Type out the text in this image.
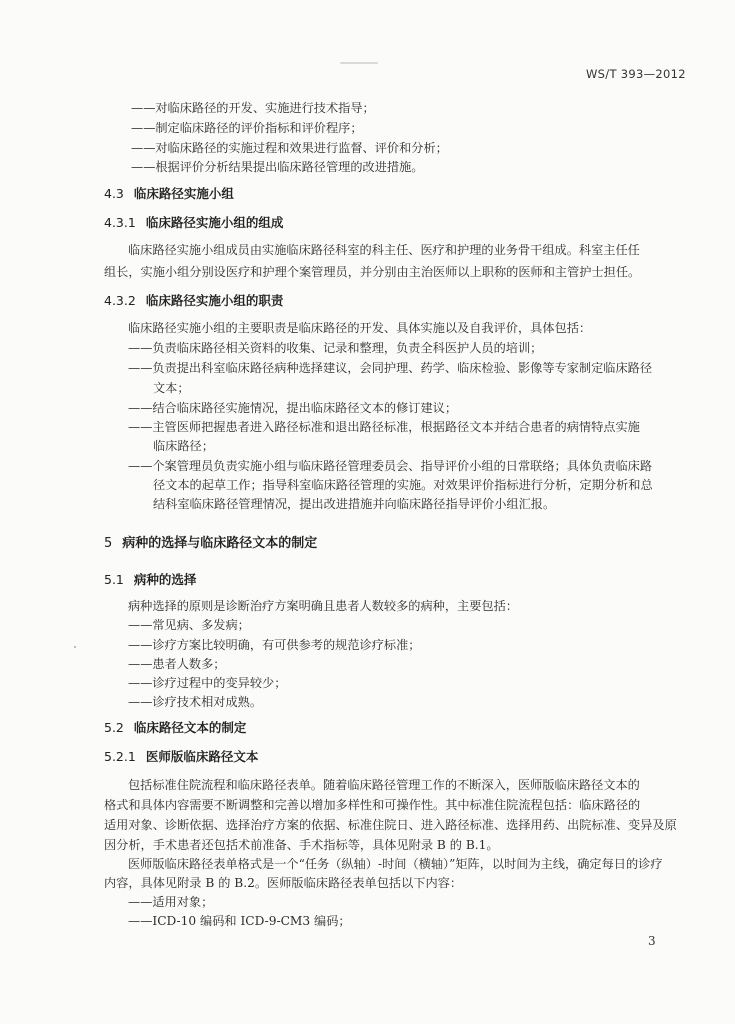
WS/T 393—2012
——对临床路径的开发、实施进行技术指导；
——制定临床路径的评价指标和评价程序；
——对临床路径的实施过程和效果进行监督、评价和分析；
——根据评价分析结果提出临床路径管理的改进措施。
4.3 临床路径实施小组
4.3.1 临床路径实施小组的组成
临床路径实施小组成员由实施临床路径科室的科主任、医疗和护理的业务骨干组成。科室主任任
组长，实施小组分别设医疗和护理个案管理员，并分别由主治医师以上职称的医师和主管护士担任。
4.3.2 临床路径实施小组的职责
临床路径实施小组的主要职责是临床路径的开发、具体实施以及自我评价，具体包括：
——负责临床路径相关资料的收集、记录和整理，负责全科医护人员的培训；
——负责提出科室临床路径病种选择建议，会同护理、药学、临床检验、影像等专家制定临床路径
文本；
——结合临床路径实施情况，提出临床路径文本的修订建议；
——主管医师把握患者进入路径标准和退出路径标准，根据路径文本并结合患者的病情特点实施
临床路径；
——个案管理员负责实施小组与临床路径管理委员会、指导评价小组的日常联络；具体负责临床路
径文本的起草工作；指导科室临床路径管理的实施。对效果评价指标进行分析，定期分析和总
结科室临床路径管理情况，提出改进措施并向临床路径指导评价小组汇报。
5 病种的选择与临床路径文本的制定
5.1 病种的选择
病种选择的原则是诊断治疗方案明确且患者人数较多的病种，主要包括：
——常见病、多发病；
——诊疗方案比较明确，有可供参考的规范诊疗标准；
——患者人数多；
——诊疗过程中的变异较少；
——诊疗技术相对成熟。
5.2 临床路径文本的制定
5.2.1 医师版临床路径文本
包括标准住院流程和临床路径表单。随着临床路径管理工作的不断深入，医师版临床路径文本的
格式和具体内容需要不断调整和完善以增加多样性和可操作性。其中标准住院流程包括：临床路径的
适用对象、诊断依据、选择治疗方案的依据、标准住院日、进入路径标准、选择用药、出院标准、变异及原
因分析，手术患者还包括术前准备、手术指标等，具体见附录 B 的 B.1。
医师版临床路径表单格式是一个“任务（纵轴）-时间（横轴）”矩阵，以时间为主线，确定每日的诊疗
内容，具体见附录 B 的 B.2。医师版临床路径表单包括以下内容：
——适用对象；
——ICD-10 编码和 ICD-9-CM3 编码；
3
